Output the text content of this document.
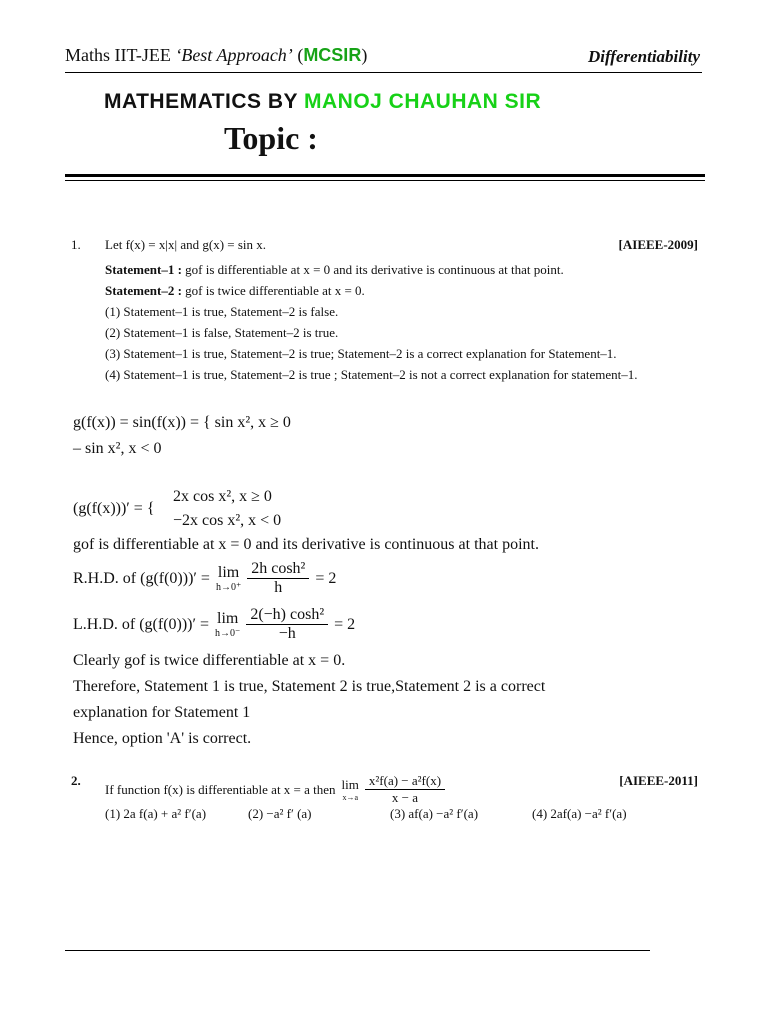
Maths IIT-JEE ‘Best Approach’ (MCSIR)	Differentiability
MATHEMATICS BY MANOJ CHAUHAN SIR
Topic :
1. Let f(x) = x|x| and g(x) = sin x.	[AIEEE-2009]
Statement–1 : gof is differentiable at x = 0 and its derivative is continuous at that point.
Statement–2 : gof is twice differentiable at x = 0.
(1) Statement–1 is true, Statement–2 is false.
(2) Statement–1 is false, Statement–2 is true.
(3) Statement–1 is true, Statement–2 is true; Statement–2 is a correct explanation for Statement–1.
(4) Statement–1 is true, Statement–2 is true ; Statement–2 is not a correct explanation for statement–1.
g(f(x)) = sin(f(x)) = { sin x², x ≥ 0
– sin x², x < 0
(g(f(x)))′ = {
2x cos x², x ≥ 0
−2x cos x², x < 0
gof is differentiable at x = 0 and its derivative is continuous at that point.
R.H.D. of (g(f(0)))′ = lim
$h\to 0^+ \frac{\text{2h cosh²}}{h} = 2$
L.H.D. of (g(f(0)))′ = lim
$h\to 0^- \frac{\text{2(−h) cosh²}}{-h} = 2$
Clearly gof is twice differentiable at x = 0.
Therefore, Statement 1 is true, Statement 2 is true,Statement 2 is a correct
explanation for Statement 1
Hence, option 'A' is correct.
2.
If function f(x) is differentiable at x = a then lim
$x\to a \frac{\text{x²f(a) − a²f(x)}}{x - a}$	[AIEEE-2011]
(1) 2a f(a) + a² f′(a)	(2) −a² f′ (a)	(3) af(a) −a² f′(a)	(4) 2af(a) −a² f′(a)
